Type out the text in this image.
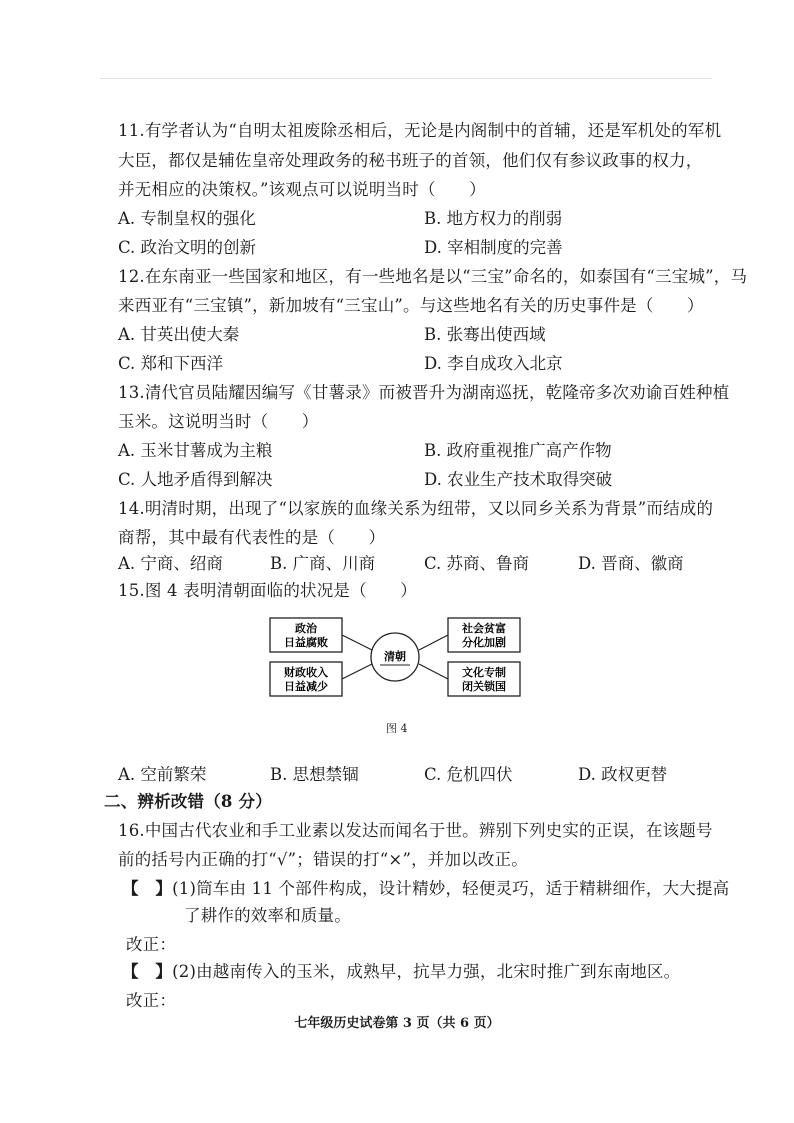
11.有学者认为“自明太祖废除丞相后，无论是内阁制中的首辅，还是军机处的军机
大臣，都仅是辅佐皇帝处理政务的秘书班子的首领，他们仅有参议政事的权力，
并无相应的决策权。”该观点可以说明当时（　　）
A. 专制皇权的强化	B. 地方权力的削弱
C. 政治文明的创新	D. 宰相制度的完善
12.在东南亚一些国家和地区，有一些地名是以“三宝”命名的，如泰国有“三宝城”，马
来西亚有“三宝镇”，新加坡有“三宝山”。与这些地名有关的历史事件是（　　）
A. 甘英出使大秦	B. 张骞出使西域
C. 郑和下西洋	D. 李自成攻入北京
13.清代官员陆耀因编写《甘薯录》而被晋升为湖南巡抚，乾隆帝多次劝谕百姓种植
玉米。这说明当时（　　）
A. 玉米甘薯成为主粮	B. 政府重视推广高产作物
C. 人地矛盾得到解决	D. 农业生产技术取得突破
14.明清时期，出现了“以家族的血缘关系为纽带，又以同乡关系为背景”而结成的
商帮，其中最有代表性的是（　　）
A. 宁商、绍商	B. 广商、川商	C. 苏商、鲁商	D. 晋商、徽商
15.图 4 表明清朝面临的状况是（　　）
政治
日益腐败
财政收入
日益减少
社会贫富
分化加剧
文化专制
闭关锁国
清朝
图 4
A. 空前繁荣	B. 思想禁锢	C. 危机四伏	D. 政权更替
二、辨析改错（8 分）
16.中国古代农业和手工业素以发达而闻名于世。辨别下列史实的正误，在该题号
前的括号内正确的打“√”；错误的打“×”，并加以改正。
【　】(1)筒车由 11 个部件构成，设计精妙，轻便灵巧，适于精耕细作，大大提高
了耕作的效率和质量。
改正：
【　】(2)由越南传入的玉米，成熟早，抗旱力强，北宋时推广到东南地区。
改正：
七年级历史试卷第 3 页（共 6 页）
